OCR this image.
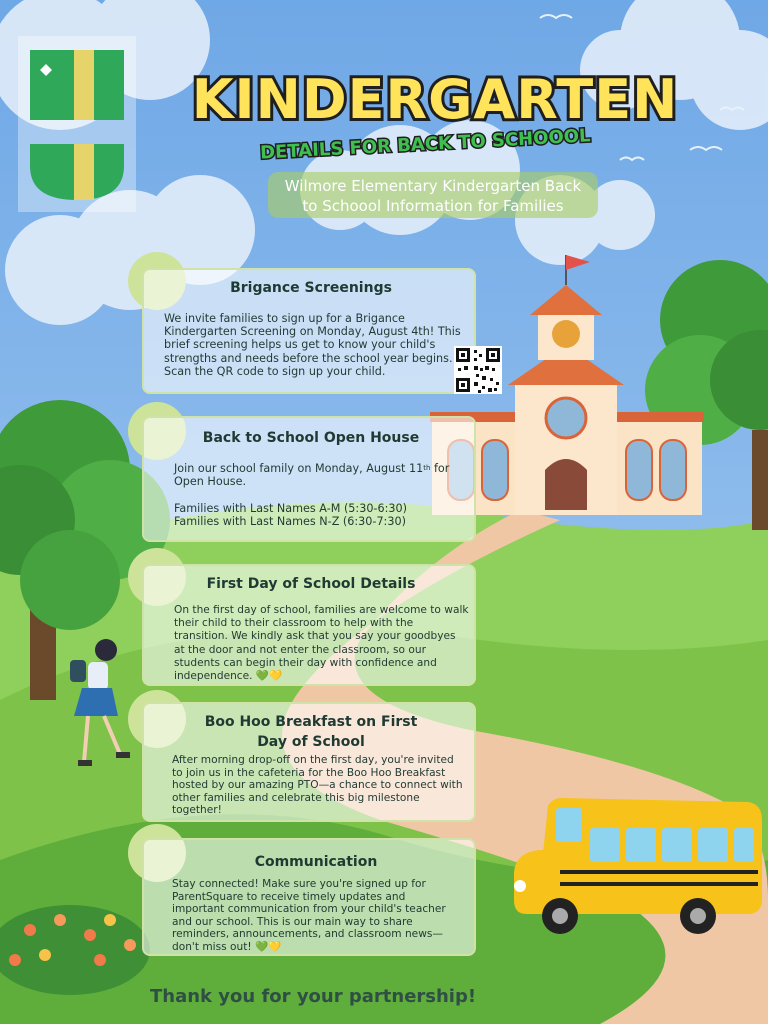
KINDERGARTEN
DETAILS FOR BACK TO SCHOOOL
Wilmore Elementary Kindergarten Back
to Schoool Information for Families
Brigance Screenings
We invite families to sign up for a Brigance
Kindergarten Screening on Monday, August 4th! This
brief screening helps us get to know your child's
strengths and needs before the school year begins.
Scan the QR code to sign up your child.
Back to School Open House
Join our school family on Monday, August 11th for
Open House.

Families with Last Names A-M (5:30-6:30)
Families with Last Names N-Z (6:30-7:30)
First Day of School Details
On the first day of school, families are welcome to walk
their child to their classroom to help with the
transition. We kindly ask that you say your goodbyes
at the door and not enter the classroom, so our
students can begin their day with confidence and
independence. 💚💛
Boo Hoo Breakfast on First
Day of School
After morning drop-off on the first day, you're invited
to join us in the cafeteria for the Boo Hoo Breakfast
hosted by our amazing PTO—a chance to connect with
other families and celebrate this big milestone
together!
Communication
Stay connected! Make sure you're signed up for
ParentSquare to receive timely updates and
important communication from your child's teacher
and our school. This is our main way to share
reminders, announcements, and classroom news—
don't miss out! 💚💛
Thank you for your partnership!
